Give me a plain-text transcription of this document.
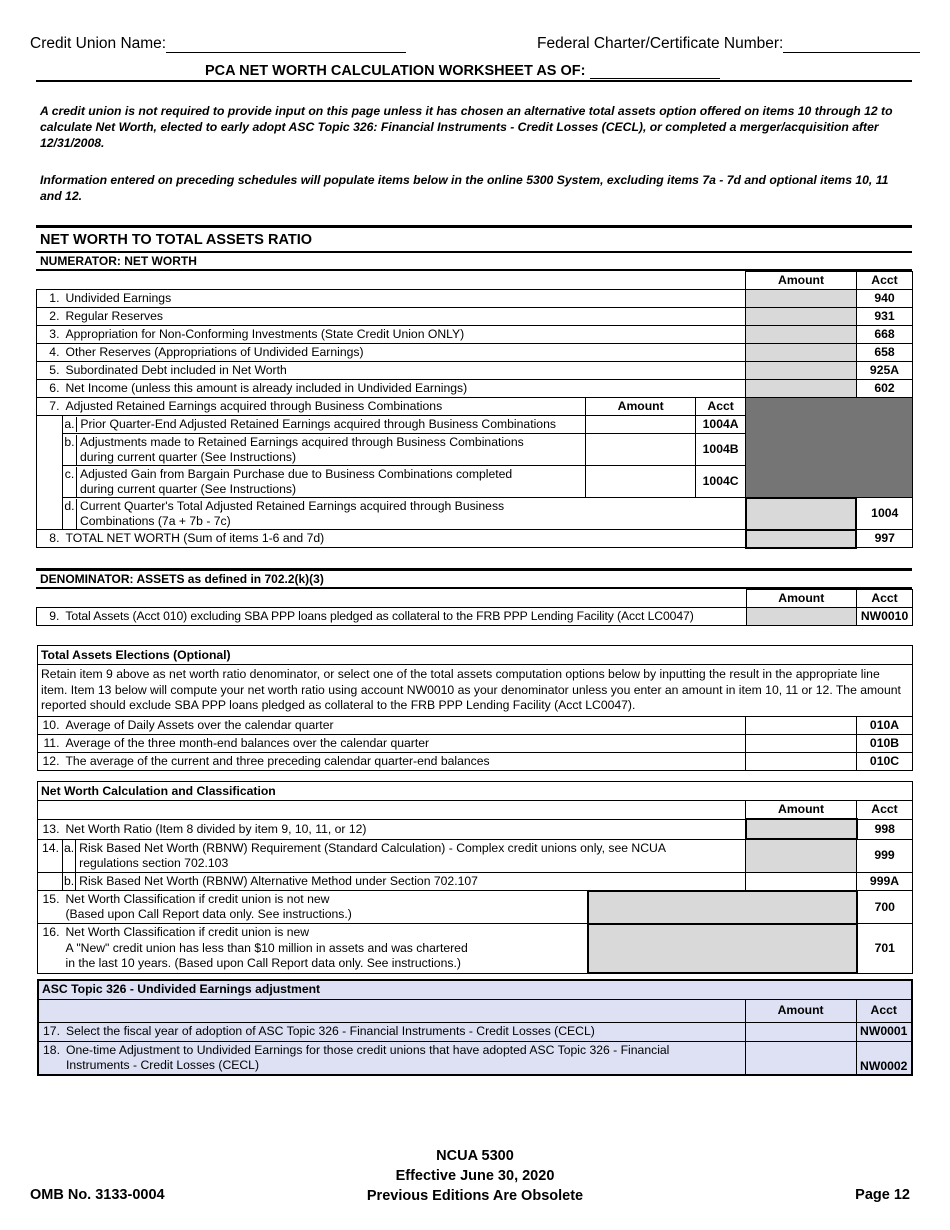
Credit Union Name:	Federal Charter/Certificate Number:
PCA NET WORTH CALCULATION WORKSHEET AS OF:
A credit union is not required to provide input on this page unless it has chosen an alternative total assets option offered on items 10 through 12 to calculate Net Worth, elected to early adopt ASC Topic 326: Financial Instruments - Credit Losses (CECL), or completed a merger/acquisition after 12/31/2008.
Information entered on preceding schedules will populate items below in the online 5300 System, excluding items 7a - 7d and optional items 10, 11 and 12.
NET WORTH TO TOTAL ASSETS RATIO
NUMERATOR: NET WORTH
				Amount	Acct
1.	Undivided Earnings				940
2.	Regular Reserves				931
3.	Appropriation for Non-Conforming Investments (State Credit Union ONLY)				668
4.	Other Reserves (Appropriations of Undivided Earnings)				658
5.	Subordinated Debt included in Net Worth				925A
6.	Net Income (unless this amount is already included in Undivided Earnings)				602
7.	Adjusted Retained Earnings acquired through Business Combinations	Amount	Acct		
	a. Prior Quarter-End Adjusted Retained Earnings acquired through Business Combinations		1004A		

	b. Adjustments made to Retained Earnings acquired through Business Combinations
during current quarter (See Instructions)		1004B		

	c. Adjusted Gain from Bargain Purchase due to Business Combinations completed
during current quarter (See Instructions)		1004C		

	d. Current Quarter's Total Adjusted Retained Earnings acquired through Business
Combinations (7a + 7b - 7c)				1004
8.	TOTAL NET WORTH (Sum of items 1-6 and 7d)				997
DENOMINATOR: ASSETS as defined in 702.2(k)(3)
		Amount	Acct
9.	Total Assets (Acct 010) excluding SBA PPP loans pledged as collateral to the FRB PPP Lending Facility (Acct LC0047)		NW0010
Total Assets Elections (Optional)			
Retain item 9 above as net worth ratio denominator, or select one of the total assets computation options below by inputting the result in the appropriate line item. Item 13 below will compute your net worth ratio using account NW0010 as your denominator unless you enter an amount in item 10, 11 or 12. The amount reported should exclude SBA PPP loans pledged as collateral to the FRB PPP Lending Facility (Acct LC0047).			
10.	Average of Daily Assets over the calendar quarter		010A
11.	Average of the three month-end balances over the calendar quarter		010B
12.	The average of the current and three preceding calendar quarter-end balances		010C
Net Worth Calculation and Classification					
				Amount	Acct
13.	Net Worth Ratio (Item 8 divided by item 9, 10, 11, or 12)				998
14.	a.	Risk Based Net Worth (RBNW) Requirement (Standard Calculation) - Complex credit unions only, see NCUA
regulations section 702.103			999
	b.	Risk Based Net Worth (RBNW) Alternative Method under Section 702.107			999A
15.	Net Worth Classification if credit union is not new
(Based upon Call Report data only. See instructions.)				700
16.	Net Worth Classification if credit union is new
A "New" credit union has less than $10 million in assets and was chartered
in the last 10 years. (Based upon Call Report data only. See instructions.)				701
ASC Topic 326 - Undivided Earnings adjustment			
		Amount	Acct
17.	Select the fiscal year of adoption of ASC Topic 326 - Financial Instruments - Credit Losses (CECL)		NW0001
18.	One-time Adjustment to Undivided Earnings for those credit unions that have adopted ASC Topic 326 - Financial
Instruments - Credit Losses (CECL)		NW0002
NCUA 5300
Effective June 30, 2020
Previous Editions Are Obsolete
OMB No. 3133-0004	Page 12
